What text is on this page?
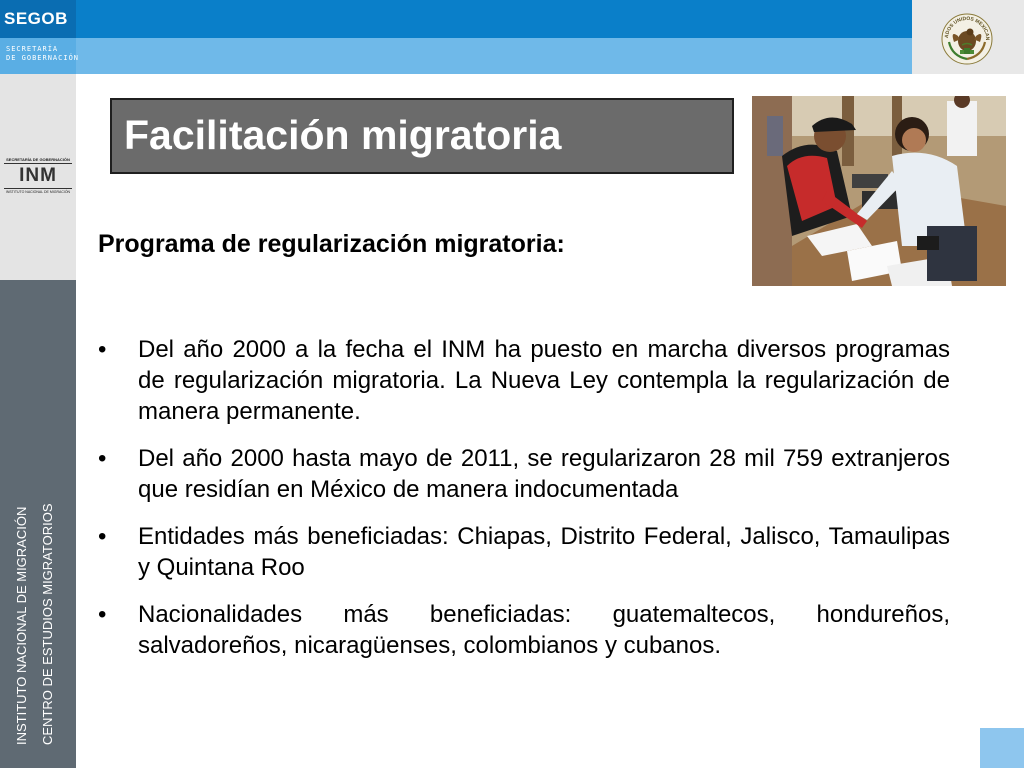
SEGOB
SECRETARÍA
DE GOBERNACIÓN
ADOS UNIDOS MEXICAN
SECRETARÍA DE GOBERNACIÓN
INM
INSTITUTO NACIONAL DE MIGRACIÓN
INSTITUTO NACIONAL DE MIGRACIÓN CENTRO DE ESTUDIOS MIGRATORIOS
Facilitación migratoria
Programa de regularización migratoria:
•	Del año 2000 a la fecha el INM ha puesto en marcha diversos programas de regularización migratoria. La Nueva Ley contempla la regularización de manera permanente.
•	Del año 2000 hasta mayo de 2011, se regularizaron 28 mil 759 extranjeros que residían en México de manera indocumentada
•	Entidades más beneficiadas: Chiapas, Distrito Federal, Jalisco, Tamaulipas y Quintana Roo
•	Nacionalidades más beneficiadas: guatemaltecos, hondureños, salvadoreños, nicaragüenses, colombianos y cubanos.
